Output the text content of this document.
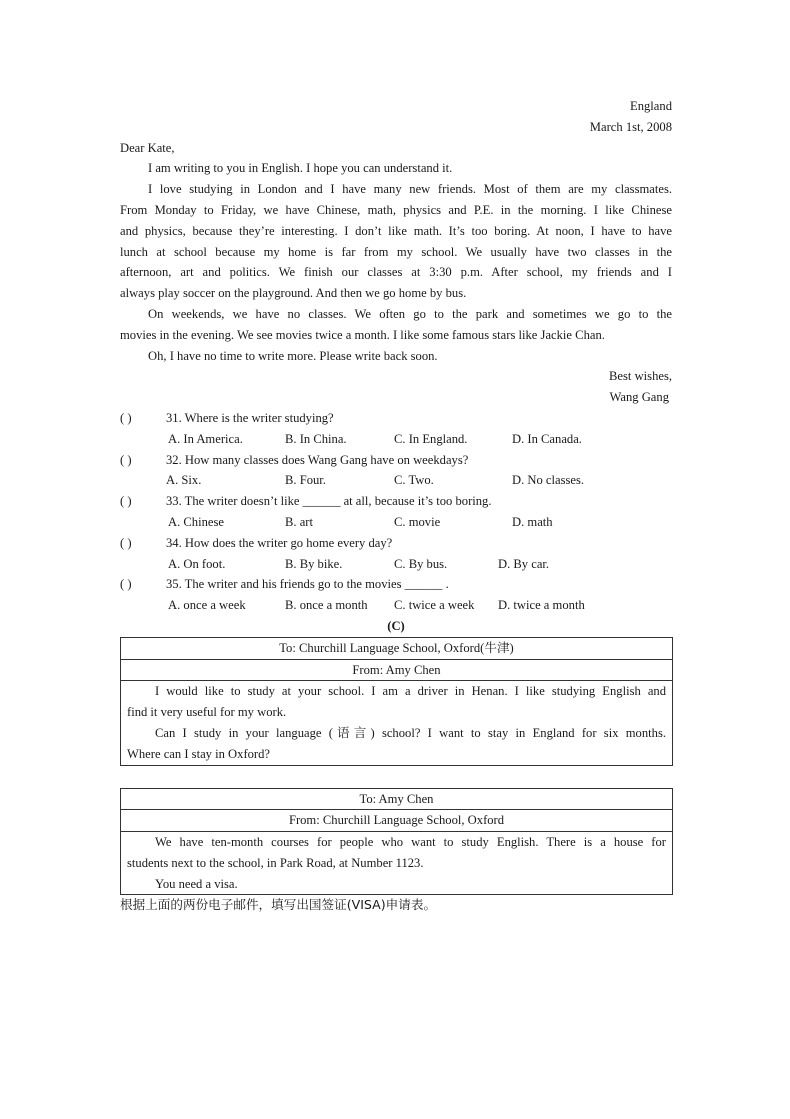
England
March 1st, 2008
Dear Kate,
I am writing to you in English. I hope you can understand it.
I love studying in London and I have many new friends. Most of them are my classmates.
From Monday to Friday, we have Chinese, math, physics and P.E. in the morning. I like Chinese
and physics, because they’re interesting. I don’t like math. It’s too boring. At noon, I have to have
lunch at school because my home is far from my school. We usually have two classes in the
afternoon, art and politics. We finish our classes at 3:30 p.m. After school, my friends and I
always play soccer on the playground. And then we go home by bus.
On weekends, we have no classes. We often go to the park and sometimes we go to the
movies in the evening. We see movies twice a month. I like some famous stars like Jackie Chan.
Oh, I have no time to write more. Please write back soon.
Best wishes,
Wang Gang
( )	31. Where is the writer studying?
A. In America.	B. In China.	C. In England.	D. In Canada.
( )	32. How many classes does Wang Gang have on weekdays?
A. Six.	B. Four.	C. Two.	D. No classes.
( )	33. The writer doesn’t like ______ at all, because it’s too boring.
A. Chinese	B. art	C. movie	D. math
( )	34. How does the writer go home every day?
A. On foot.	B. By bike.	C. By bus.	D. By car.
( )	35. The writer and his friends go to the movies ______ .
A. once a week	B. once a month	C. twice a week	D. twice a month
(C)
To: Churchill Language School, Oxford(牛津)
From: Amy Chen

I would like to study at your school. I am a driver in Henan. I like studying English and
find it very useful for my work.
Can I study in your language (语言) school? I want to stay in England for six months.
Where can I stay in Oxford?
To: Amy Chen
From: Churchill Language School, Oxford

We have ten-month courses for people who want to study English. There is a house for
students next to the school, in Park Road, at Number 1123.
You need a visa.
根据上面的两份电子邮件，填写出国签证(VISA)申请表。
